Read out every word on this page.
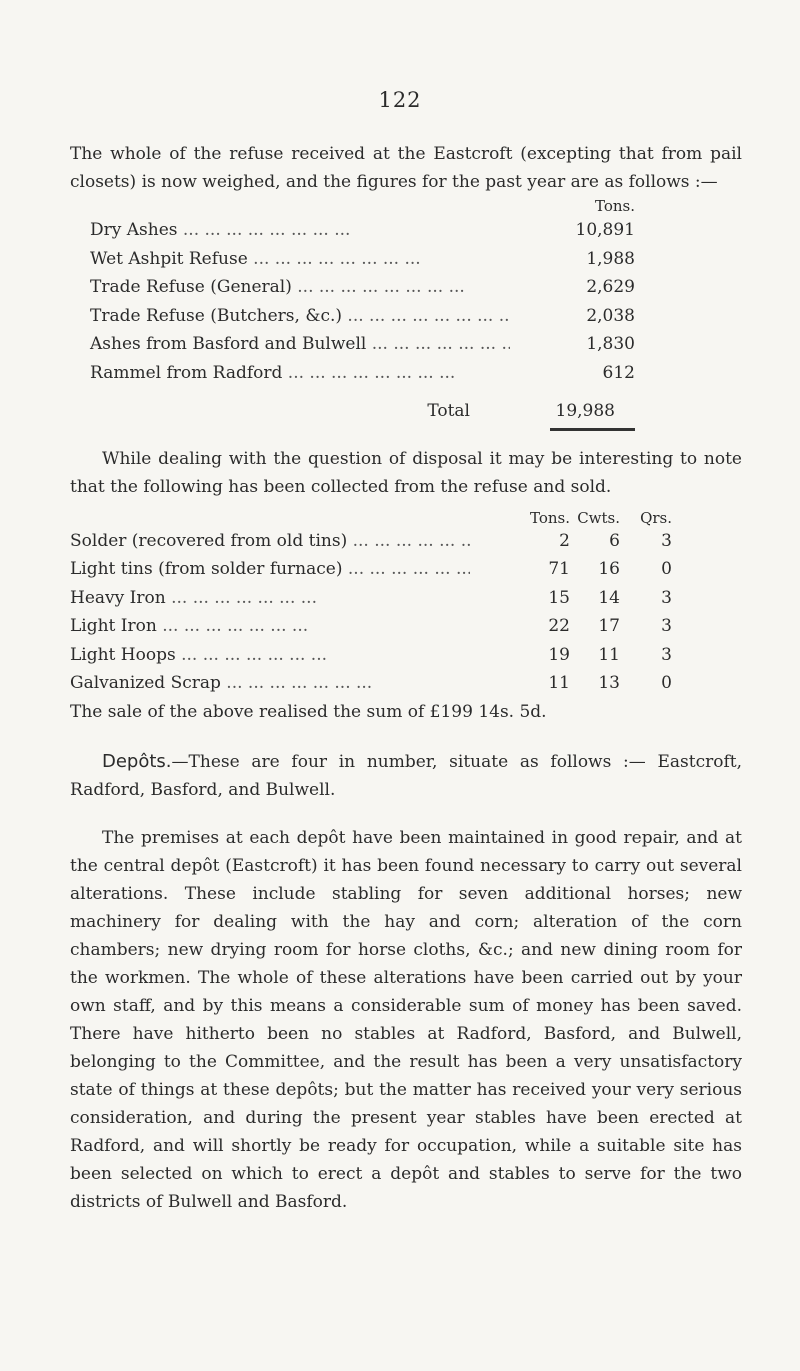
122

The whole of the refuse received at the Eastcroft (excepting that from pail closets) is now weighed, and the figures for the past year are as follows :—

Tons.
Dry Ashes ...	10,891
Wet Ashpit Refuse ...	1,988
Trade Refuse (General) ...	2,629
Trade Refuse (Butchers, &c.) ...	2,038
Ashes from Basford and Bulwell ...	1,830
Rammel from Radford ...	612
Total	19,988

While dealing with the question of disposal it may be interesting to note that the following has been collected from the refuse and sold.

Tons. Cwts.	Qrs.
Solder (recovered from old tins) ...	2	6	3
Light tins (from solder furnace) ...	71	16	0
Heavy Iron ...	15	14	3
Light Iron ...	22	17	3
Light Hoops ...	19	11	3
Galvanized Scrap ...	11	13	0

The sale of the above realised the sum of £199 14s. 5d.

Depôts.—These are four in number, situate as follows :— Eastcroft, Radford, Basford, and Bulwell.

The premises at each depôt have been maintained in good repair, and at the central depôt (Eastcroft) it has been found necessary to carry out several alterations. These include stabling for seven additional horses; new machinery for dealing with the hay and corn; alteration of the corn chambers; new drying room for horse cloths, &c.; and new dining room for the workmen. The whole of these alterations have been carried out by your own staff, and by this means a considerable sum of money has been saved. There have hitherto been no stables at Radford, Basford, and Bulwell, belonging to the Committee, and the result has been a very unsatisfactory state of things at these depôts; but the matter has received your very serious consideration, and during the present year stables have been erected at Radford, and will shortly be ready for occupation, while a suitable site has been selected on which to erect a depôt and stables to serve for the two districts of Bulwell and Basford.
